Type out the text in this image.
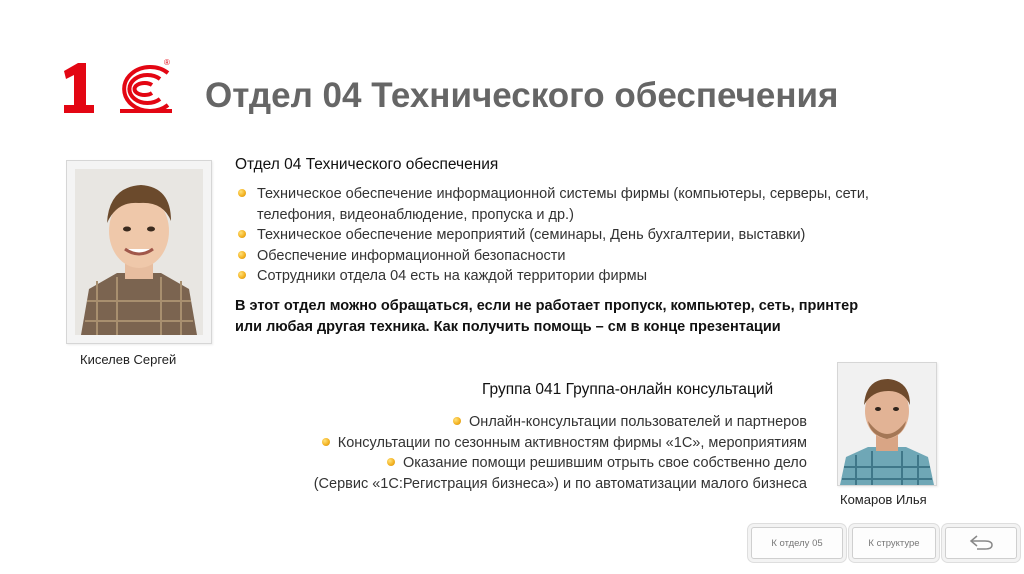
®
Отдел 04 Технического обеспечения
Киселев Сергей
Отдел 04 Технического обеспечения
Техническое обеспечение информационной системы фирмы (компьютеры, серверы, сети, телефония, видеонаблюдение, пропуска и др.)
Техническое обеспечение мероприятий (семинары, День бухгалтерии, выставки)
Обеспечение информационной безопасности
Сотрудники отдела 04 есть на каждой территории фирмы

В этот отдел можно обращаться, если не работает пропуск, компьютер, сеть, принтер или любая другая техника. Как получить помощь – см в конце презентации

Группа 041 Группа-онлайн консультаций
Онлайн-консультации пользователей и партнеров
Консультации по сезонным активностям фирмы «1С», мероприятиям
Оказание помощи решившим отрыть свое собственно дело
(Сервис «1С:Регистрация бизнеса») и по автоматизации малого бизнеса
Комаров Илья
К отделу 05	К структуре
